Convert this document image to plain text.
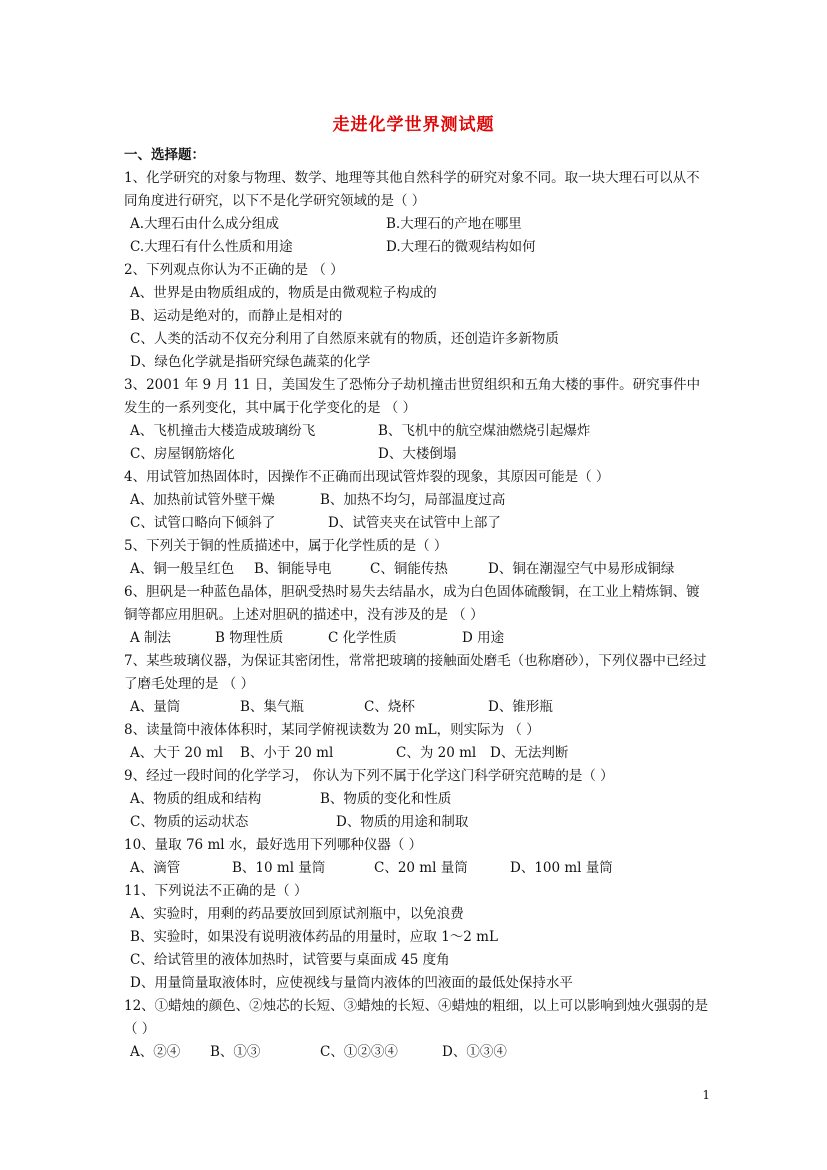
走进化学世界测试题
一、选择题：
1、化学研究的对象与物理、数学、地理等其他自然科学的研究对象不同。取一块大理石可以从不同角度进行研究，以下不是化学研究领域的是（ ）
A.大理石由什么成分组成	B.大理石的产地在哪里
C.大理石有什么性质和用途	D.大理石的微观结构如何
2、下列观点你认为不正确的是 （ ）
A、世界是由物质组成的，物质是由微观粒子构成的
B、运动是绝对的，而静止是相对的
C、人类的活动不仅充分利用了自然原来就有的物质，还创造许多新物质
D、绿色化学就是指研究绿色蔬菜的化学
3、2001 年 9 月 11 日，美国发生了恐怖分子劫机撞击世贸组织和五角大楼的事件。研究事件中发生的一系列变化，其中属于化学变化的是 （ ）
A、飞机撞击大楼造成玻璃纷飞	B、飞机中的航空煤油燃烧引起爆炸
C、房屋钢筋熔化	D、大楼倒塌
4、用试管加热固体时，因操作不正确而出现试管炸裂的现象，其原因可能是（ ）
A、加热前试管外壁干燥	B、加热不均匀，局部温度过高
C、试管口略向下倾斜了	D、试管夹夹在试管中上部了
5、下列关于铜的性质描述中，属于化学性质的是（ ）
A、铜一般呈红色 B、铜能导电	C、铜能传热	D、铜在潮湿空气中易形成铜绿
6、胆矾是一种蓝色晶体，胆矾受热时易失去结晶水，成为白色固体硫酸铜，在工业上精炼铜、镀铜等都应用胆矾。上述对胆矾的描述中，没有涉及的是 （ ）
A 制法	B 物理性质	C 化学性质	D 用途
7、某些玻璃仪器，为保证其密闭性，常常把玻璃的接触面处磨毛（也称磨砂），下列仪器中已经过了磨毛处理的是 （ ）
A、量筒	B、集气瓶	C、烧杯	D、锥形瓶
8、读量筒中液体体积时，某同学俯视读数为 20 mL，则实际为 （ ）
A、大于 20 ml B、小于 20 ml	C、为 20 ml D、无法判断
9、经过一段时间的化学学习， 你认为下列不属于化学这门科学研究范畴的是（ ）
A、物质的组成和结构	B、物质的变化和性质
C、物质的运动状态	D、物质的用途和制取
10、量取 76 ml 水，最好选用下列哪种仪器（ ）
A、滴管	B、10 ml 量筒	C、20 ml 量筒	D、100 ml 量筒
11、下列说法不正确的是（ ）
A、实验时，用剩的药品要放回到原试剂瓶中，以免浪费
B、实验时，如果没有说明液体药品的用量时，应取 1～2 mL
C、给试管里的液体加热时，试管要与桌面成 45 度角
D、用量筒量取液体时，应使视线与量筒内液体的凹液面的最低处保持水平
12、①蜡烛的颜色、②烛芯的长短、③蜡烛的长短、④蜡烛的粗细，以上可以影响到烛火强弱的是（ ）
A、②④ B、①③	C、①②③④	D、①③④
1
